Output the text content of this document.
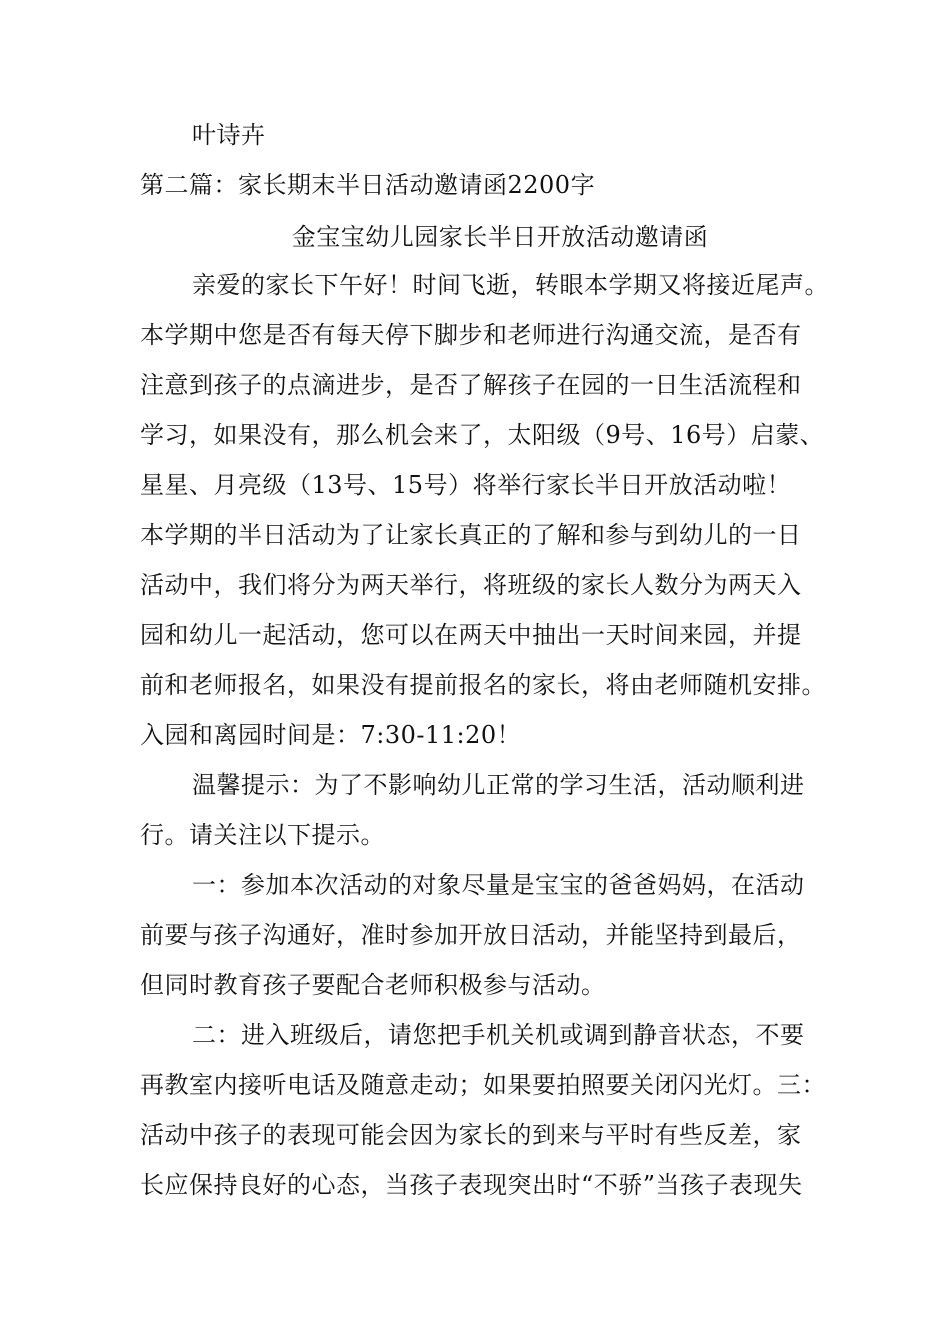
叶诗卉
第二篇：家长期末半日活动邀请函2200字
金宝宝幼儿园家长半日开放活动邀请函
亲爱的家长下午好！时间飞逝，转眼本学期又将接近尾声。
本学期中您是否有每天停下脚步和老师进行沟通交流，是否有
注意到孩子的点滴进步，是否了解孩子在园的一日生活流程和
学习，如果没有，那么机会来了，太阳级（9号、16号）启蒙、
星星、月亮级（13号、15号）将举行家长半日开放活动啦！
本学期的半日活动为了让家长真正的了解和参与到幼儿的一日
活动中，我们将分为两天举行，将班级的家长人数分为两天入
园和幼儿一起活动，您可以在两天中抽出一天时间来园，并提
前和老师报名，如果没有提前报名的家长，将由老师随机安排。
入园和离园时间是：7:30-11:20！
温馨提示：为了不影响幼儿正常的学习生活，活动顺利进
行。请关注以下提示。
一：参加本次活动的对象尽量是宝宝的爸爸妈妈，在活动
前要与孩子沟通好，准时参加开放日活动，并能坚持到最后，
但同时教育孩子要配合老师积极参与活动。
二：进入班级后，请您把手机关机或调到静音状态，不要
再教室内接听电话及随意走动；如果要拍照要关闭闪光灯。三：
活动中孩子的表现可能会因为家长的到来与平时有些反差，家
长应保持良好的心态，当孩子表现突出时“不骄”当孩子表现失
